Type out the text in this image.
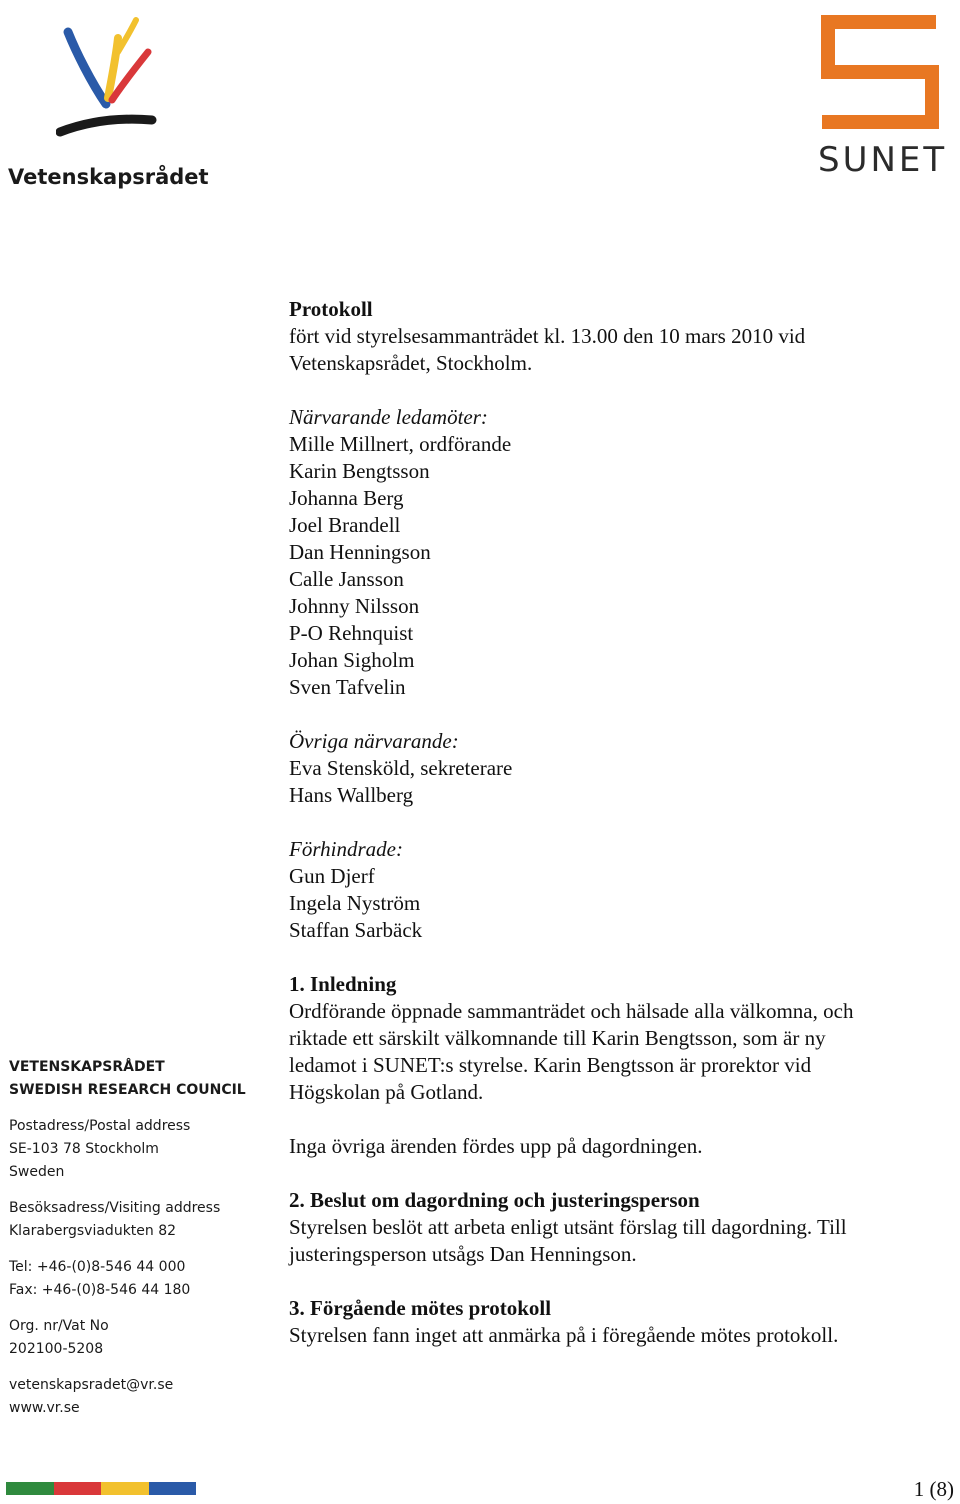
Vetenskapsrådet	SUNET

Protokoll

fört vid styrelsesammanträdet kl. 13.00 den 10 mars 2010 vid

Vetenskapsrådet, Stockholm.

Närvarande ledamöter:

Mille Millnert, ordförande

Karin Bengtsson

Johanna Berg

Joel Brandell

Dan Henningson

Calle Jansson

Johnny Nilsson

P-O Rehnquist

Johan Sigholm

Sven Tafvelin

Övriga närvarande:

Eva Stensköld, sekreterare

Hans Wallberg

Förhindrade:

Gun Djerf

Ingela Nyström

Staffan Sarbäck

1. Inledning

Ordförande öppnade sammanträdet och hälsade alla välkomna, och

riktade ett särskilt välkomnande till Karin Bengtsson, som är ny

ledamot i SUNET:s styrelse. Karin Bengtsson är prorektor vid

Högskolan på Gotland.

Inga övriga ärenden fördes upp på dagordningen.

2. Beslut om dagordning och justeringsperson

Styrelsen beslöt att arbeta enligt utsänt förslag till dagordning. Till

justeringsperson utsågs Dan Henningson.

3. Förgående mötes protokoll

Styrelsen fann inget att anmärka på i föregående mötes protokoll.

VETENSKAPSRÅDET
SWEDISH RESEARCH COUNCIL
Postadress/Postal address
SE-103 78 Stockholm
Sweden
Besöksadress/Visiting address
Klarabergsviadukten 82
Tel: +46-(0)8-546 44 000
Fax: +46-(0)8-546 44 180
Org. nr/Vat No
202100-5208
vetenskapsradet@vr.se
www.vr.se
1 (8)
